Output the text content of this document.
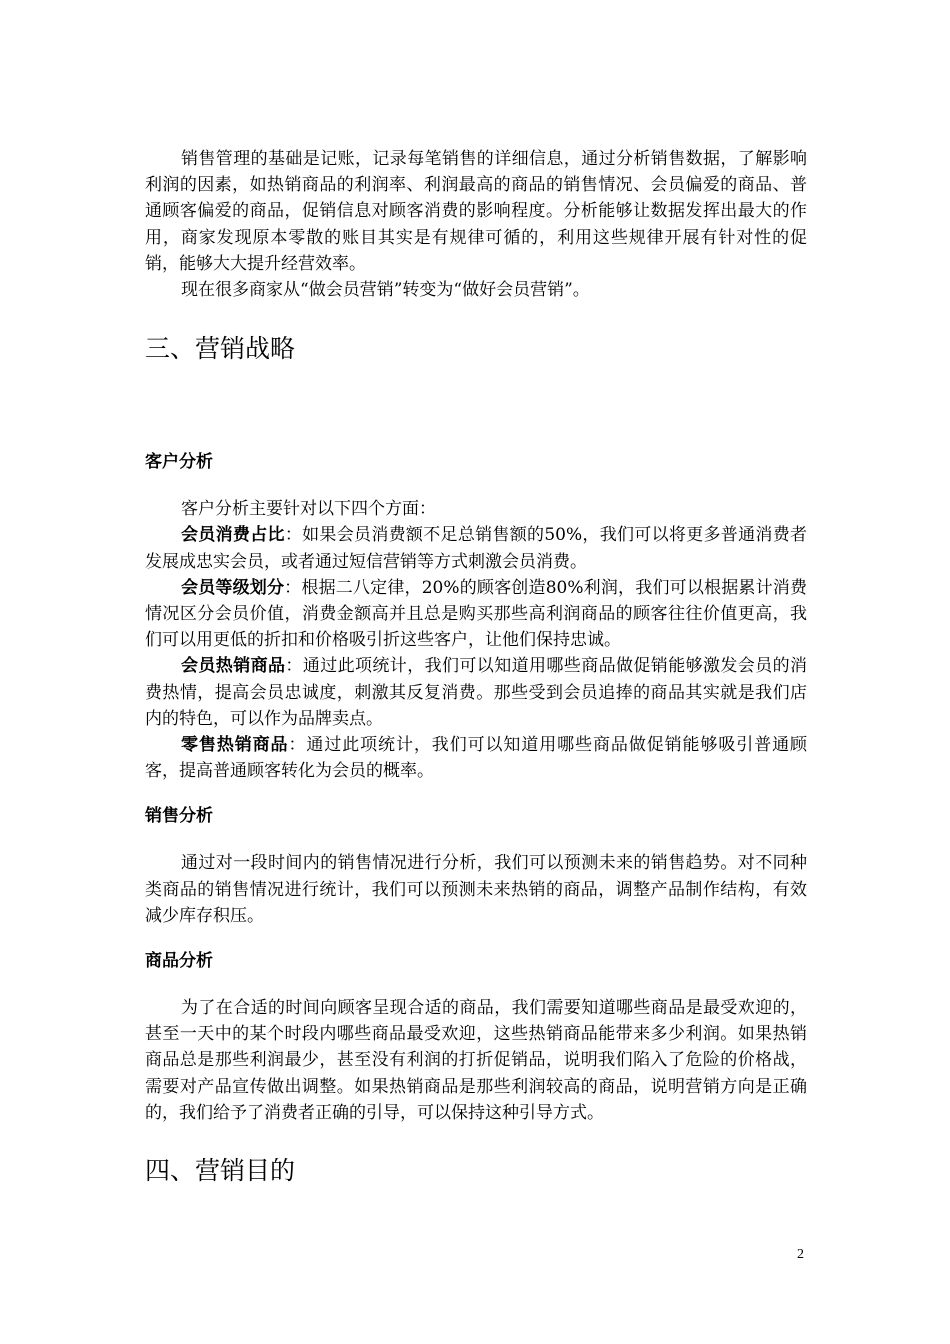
销售管理的基础是记账，记录每笔销售的详细信息，通过分析销售数据，了解影响利润的因素，如热销商品的利润率、利润最高的商品的销售情况、会员偏爱的商品、普通顾客偏爱的商品，促销信息对顾客消费的影响程度。分析能够让数据发挥出最大的作用，商家发现原本零散的账目其实是有规律可循的，利用这些规律开展有针对性的促销，能够大大提升经营效率。

现在很多商家从“做会员营销”转变为“做好会员营销”。

三、营销战略
客户分析

客户分析主要针对以下四个方面：

会员消费占比：如果会员消费额不足总销售额的50%，我们可以将更多普通消费者发展成忠实会员，或者通过短信营销等方式刺激会员消费。

会员等级划分：根据二八定律，20%的顾客创造80%利润，我们可以根据累计消费情况区分会员价值，消费金额高并且总是购买那些高利润商品的顾客往往价值更高，我们可以用更低的折扣和价格吸引折这些客户，让他们保持忠诚。

会员热销商品：通过此项统计，我们可以知道用哪些商品做促销能够激发会员的消费热情，提高会员忠诚度，刺激其反复消费。那些受到会员追捧的商品其实就是我们店内的特色，可以作为品牌卖点。

零售热销商品：通过此项统计，我们可以知道用哪些商品做促销能够吸引普通顾客，提高普通顾客转化为会员的概率。

销售分析

通过对一段时间内的销售情况进行分析，我们可以预测未来的销售趋势。对不同种类商品的销售情况进行统计，我们可以预测未来热销的商品，调整产品制作结构，有效减少库存积压。

商品分析

为了在合适的时间向顾客呈现合适的商品，我们需要知道哪些商品是最受欢迎的，甚至一天中的某个时段内哪些商品最受欢迎，这些热销商品能带来多少利润。如果热销商品总是那些利润最少，甚至没有利润的打折促销品，说明我们陷入了危险的价格战，需要对产品宣传做出调整。如果热销商品是那些利润较高的商品，说明营销方向是正确的，我们给予了消费者正确的引导，可以保持这种引导方式。

四、营销目的
2
